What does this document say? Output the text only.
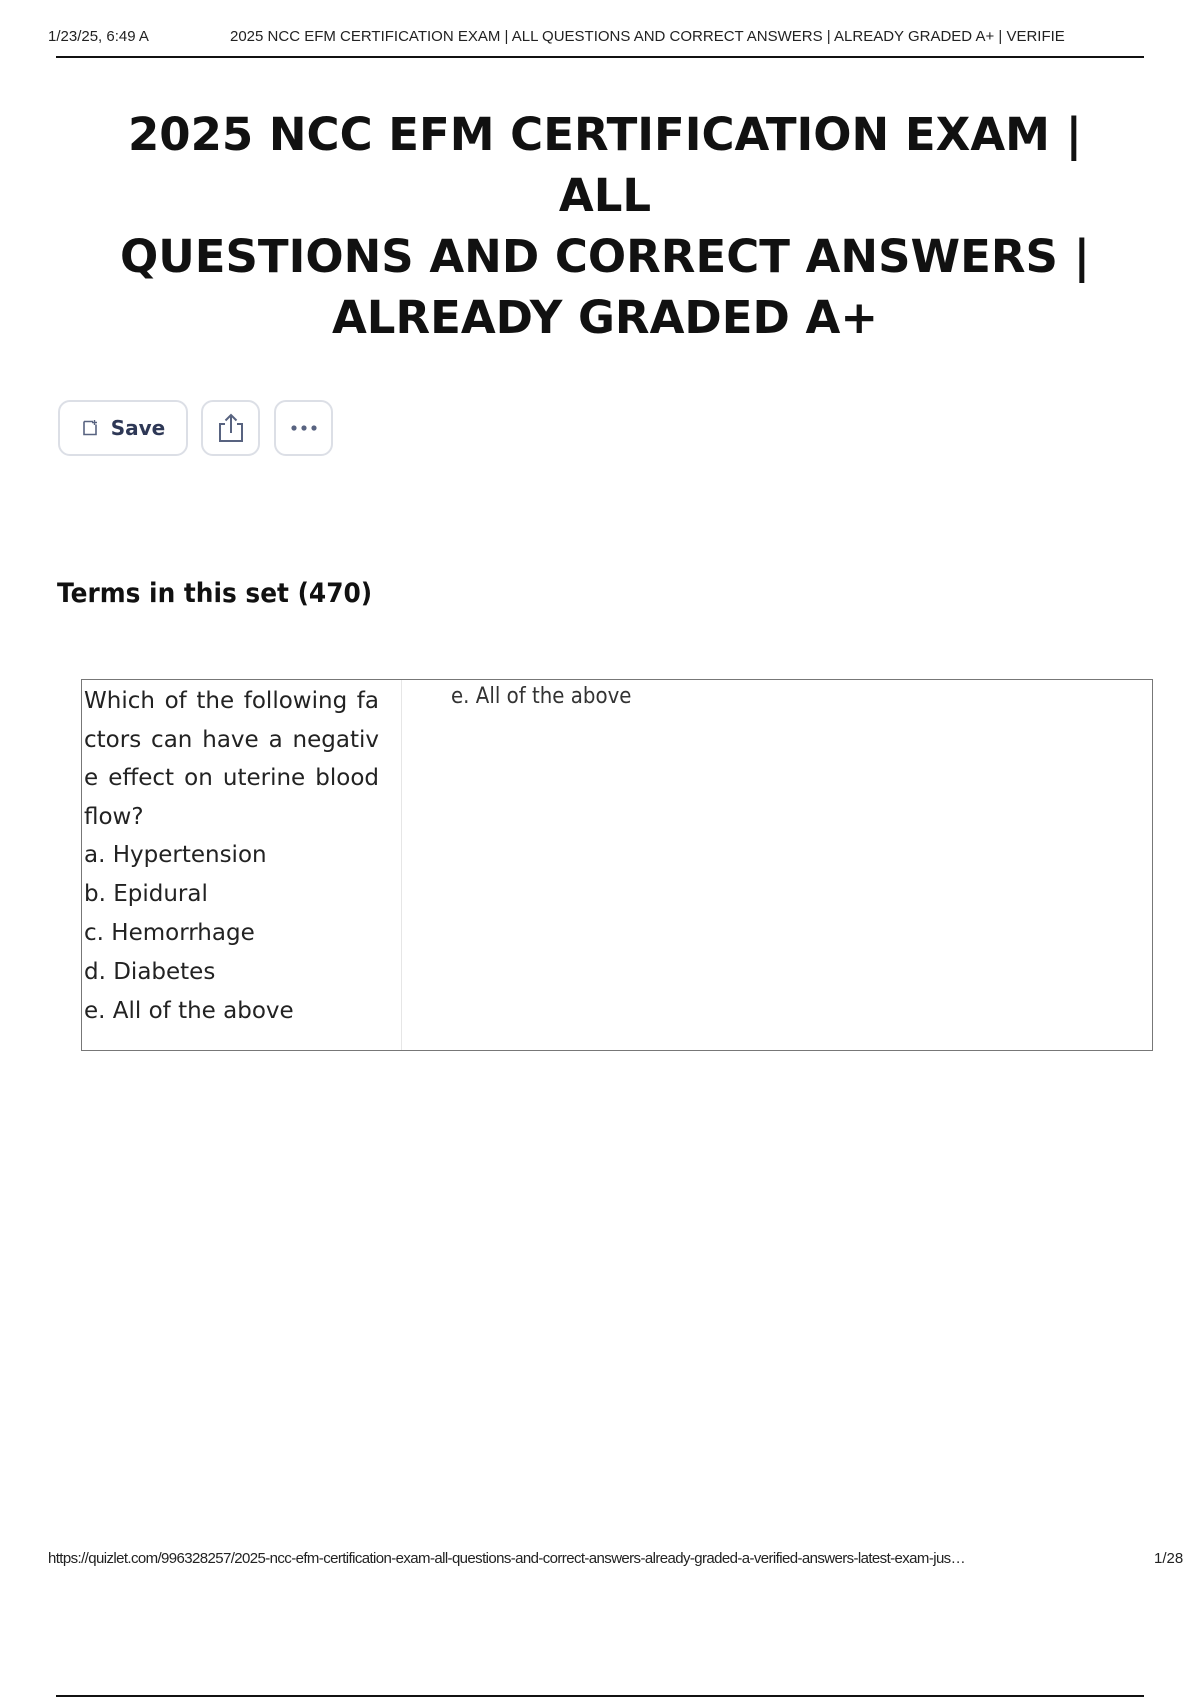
1/23/25, 6:49 A	2025 NCC EFM CERTIFICATION EXAM | ALL QUESTIONS AND CORRECT ANSWERS | ALREADY GRADED A+ | VERIFIE
2025 NCC EFM CERTIFICATION EXAM | ALL
QUESTIONS AND CORRECT ANSWERS |
ALREADY GRADED A+
Save
Terms in this set (470)

Which of the following factors can have a negative effect on uterine blood flow?

a. Hypertension

b. Epidural

c. Hemorrhage

d. Diabetes

e. All of the above

e. All of the above
https://quizlet.com/996328257/2025-ncc-efm-certification-exam-all-questions-and-correct-answers-already-graded-a-verified-answers-latest-exam-jus…	1/28
